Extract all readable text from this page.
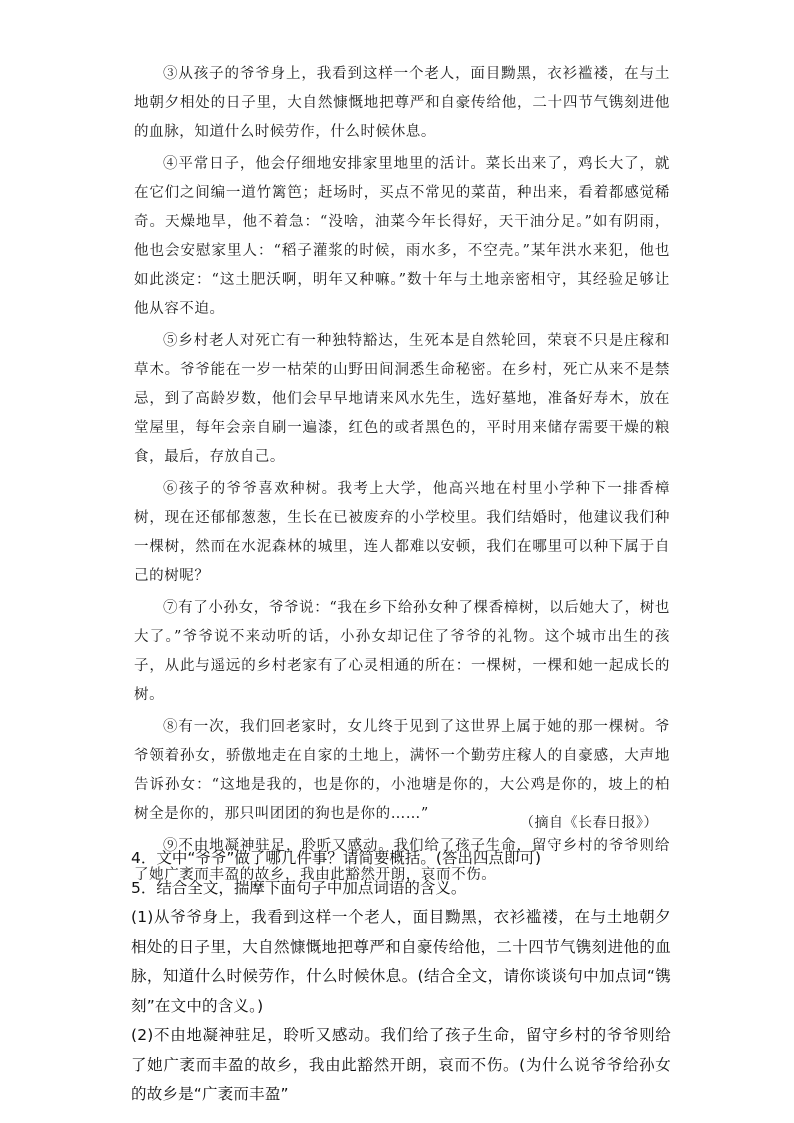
③从孩子的爷爷身上，我看到这样一个老人，面目黝黑，衣衫褴褛，在与土地朝夕相处的日子里，大自然慷慨地把尊严和自豪传给他，二十四节气镌刻进他的血脉，知道什么时候劳作，什么时候休息。

④平常日子，他会仔细地安排家里地里的活计。菜长出来了，鸡长大了，就在它们之间编一道竹篱笆；赶场时，买点不常见的菜苗，种出来，看着都感觉稀奇。天燥地旱，他不着急：“没啥，油菜今年长得好，天干油分足。”如有阴雨，他也会安慰家里人：“稻子灌浆的时候，雨水多，不空壳。”某年洪水来犯，他也如此淡定：“这土肥沃啊，明年又种嘛。”数十年与土地亲密相守，其经验足够让他从容不迫。

⑤乡村老人对死亡有一种独特豁达，生死本是自然轮回，荣衰不只是庄稼和草木。爷爷能在一岁一枯荣的山野田间洞悉生命秘密。在乡村，死亡从来不是禁忌，到了高龄岁数，他们会早早地请来风水先生，选好墓地，准备好寿木，放在堂屋里，每年会亲自刷一遍漆，红色的或者黑色的，平时用来储存需要干燥的粮食，最后，存放自己。

⑥孩子的爷爷喜欢种树。我考上大学，他高兴地在村里小学种下一排香樟树，现在还郁郁葱葱，生长在已被废弃的小学校里。我们结婚时，他建议我们种一棵树，然而在水泥森林的城里，连人都难以安顿，我们在哪里可以种下属于自己的树呢？

⑦有了小孙女，爷爷说：“我在乡下给孙女种了棵香樟树，以后她大了，树也大了。”爷爷说不来动听的话，小孙女却记住了爷爷的礼物。这个城市出生的孩子，从此与遥远的乡村老家有了心灵相通的所在：一棵树，一棵和她一起成长的树。

⑧有一次，我们回老家时，女儿终于见到了这世界上属于她的那一棵树。爷爷领着孙女，骄傲地走在自家的土地上，满怀一个勤劳庄稼人的自豪感，大声地告诉孙女：“这地是我的，也是你的，小池塘是你的，大公鸡是你的，坡上的柏树全是你的，那只叫团团的狗也是你的……”

⑨不由地凝神驻足，聆听又感动。我们给了孩子生命，留守乡村的爷爷则给了她广袤而丰盈的故乡，我由此豁然开朗，哀而不伤。

（摘自《长春日报》）

4．文中“爷爷”做了哪几件事？请简要概括。(答出四点即可)

5．结合全文，揣摩下面句子中加点词语的含义。

(1)从爷爷身上，我看到这样一个老人，面目黝黑，衣衫褴褛，在与土地朝夕相处的日子里，大自然慷慨地把尊严和自豪传给他，二十四节气镌刻进他的血脉，知道什么时候劳作，什么时候休息。(结合全文，请你谈谈句中加点词“镌刻”在文中的含义。)

(2)不由地凝神驻足，聆听又感动。我们给了孩子生命，留守乡村的爷爷则给了她广袤而丰盈的故乡，我由此豁然开朗，哀而不伤。(为什么说爷爷给孙女的故乡是“广袤而丰盈”
